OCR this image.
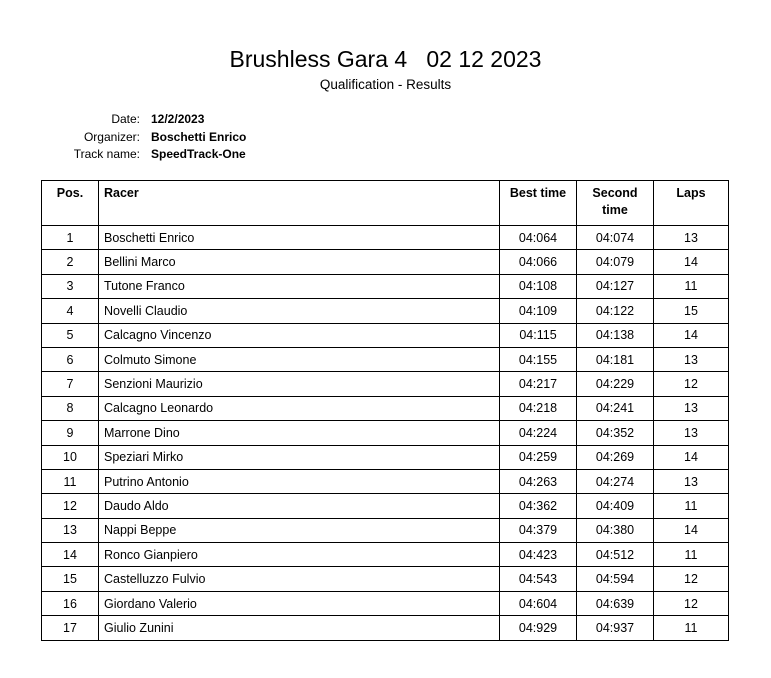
Brushless Gara 4   02 12 2023
Qualification - Results
Date: 12/2/2023
Organizer: Boschetti Enrico
Track name: SpeedTrack-One
Pos.	Racer	Best time	Second time	Laps
1	Boschetti Enrico	04:064	04:074	13
2	Bellini Marco	04:066	04:079	14
3	Tutone Franco	04:108	04:127	11
4	Novelli Claudio	04:109	04:122	15
5	Calcagno Vincenzo	04:115	04:138	14
6	Colmuto Simone	04:155	04:181	13
7	Senzioni Maurizio	04:217	04:229	12
8	Calcagno Leonardo	04:218	04:241	13
9	Marrone Dino	04:224	04:352	13
10	Speziari Mirko	04:259	04:269	14
11	Putrino Antonio	04:263	04:274	13
12	Daudo Aldo	04:362	04:409	11
13	Nappi Beppe	04:379	04:380	14
14	Ronco Gianpiero	04:423	04:512	11
15	Castelluzzo Fulvio	04:543	04:594	12
16	Giordano Valerio	04:604	04:639	12
17	Giulio Zunini	04:929	04:937	11
